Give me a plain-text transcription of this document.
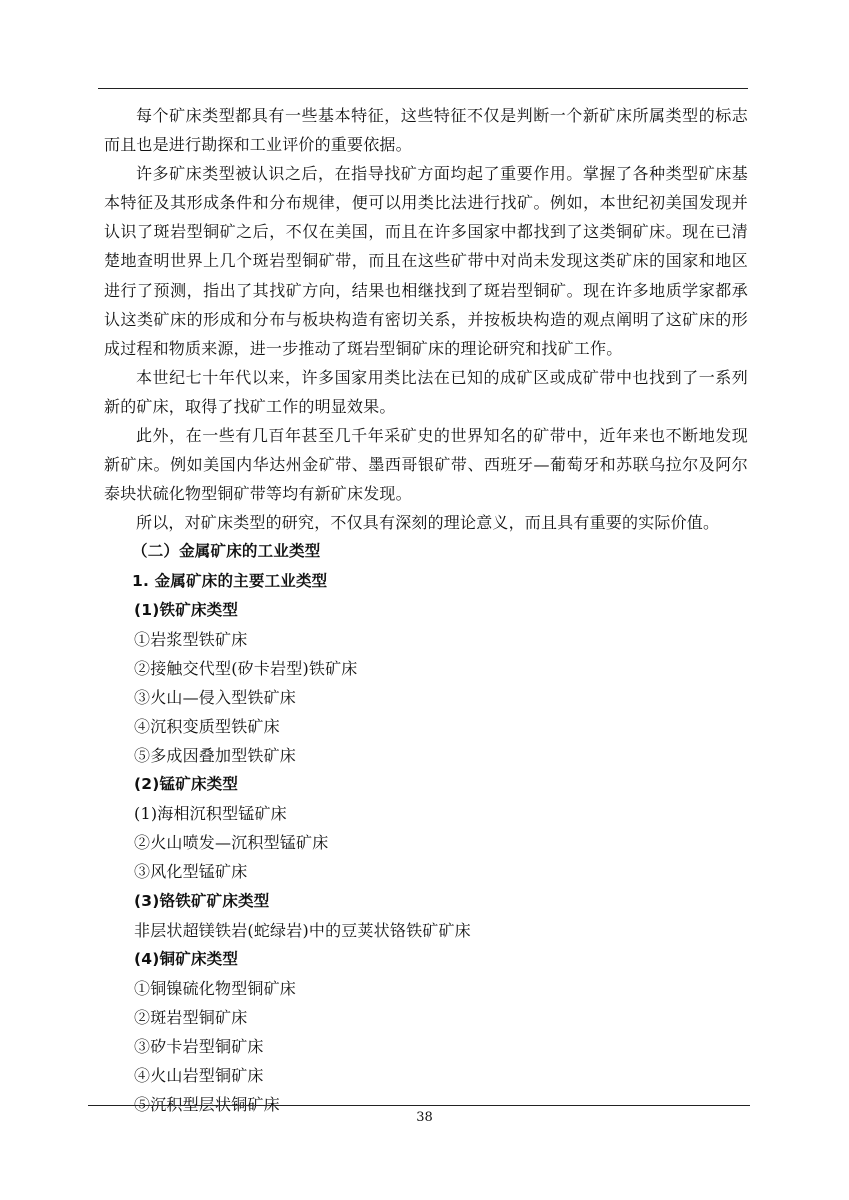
每个矿床类型都具有一些基本特征，这些特征不仅是判断一个新矿床所属类型的标志而且也是进行勘探和工业评价的重要依据。

许多矿床类型被认识之后，在指导找矿方面均起了重要作用。掌握了各种类型矿床基本特征及其形成条件和分布规律，便可以用类比法进行找矿。例如，本世纪初美国发现并认识了斑岩型铜矿之后，不仅在美国，而且在许多国家中都找到了这类铜矿床。现在已清楚地查明世界上几个斑岩型铜矿带，而且在这些矿带中对尚未发现这类矿床的国家和地区进行了预测，指出了其找矿方向，结果也相继找到了斑岩型铜矿。现在许多地质学家都承认这类矿床的形成和分布与板块构造有密切关系，并按板块构造的观点阐明了这矿床的形成过程和物质来源，进一步推动了斑岩型铜矿床的理论研究和找矿工作。

本世纪七十年代以来，许多国家用类比法在已知的成矿区或成矿带中也找到了一系列新的矿床，取得了找矿工作的明显效果。

此外，在一些有几百年甚至几千年采矿史的世界知名的矿带中，近年来也不断地发现新矿床。例如美国内华达州金矿带、墨西哥银矿带、西班牙—葡萄牙和苏联乌拉尔及阿尔泰块状硫化物型铜矿带等均有新矿床发现。

所以，对矿床类型的研究，不仅具有深刻的理论意义，而且具有重要的实际价值。

（二）金属矿床的工业类型

1. 金属矿床的主要工业类型

(1)铁矿床类型

①岩浆型铁矿床

②接触交代型(矽卡岩型)铁矿床

③火山—侵入型铁矿床

④沉积变质型铁矿床

⑤多成因叠加型铁矿床

(2)锰矿床类型

(1)海相沉积型锰矿床

②火山喷发—沉积型锰矿床

③风化型锰矿床

(3)铬铁矿矿床类型

非层状超镁铁岩(蛇绿岩)中的豆荚状铬铁矿矿床

(4)铜矿床类型

①铜镍硫化物型铜矿床

②斑岩型铜矿床

③矽卡岩型铜矿床

④火山岩型铜矿床

⑤沉积型层状铜矿床

38
